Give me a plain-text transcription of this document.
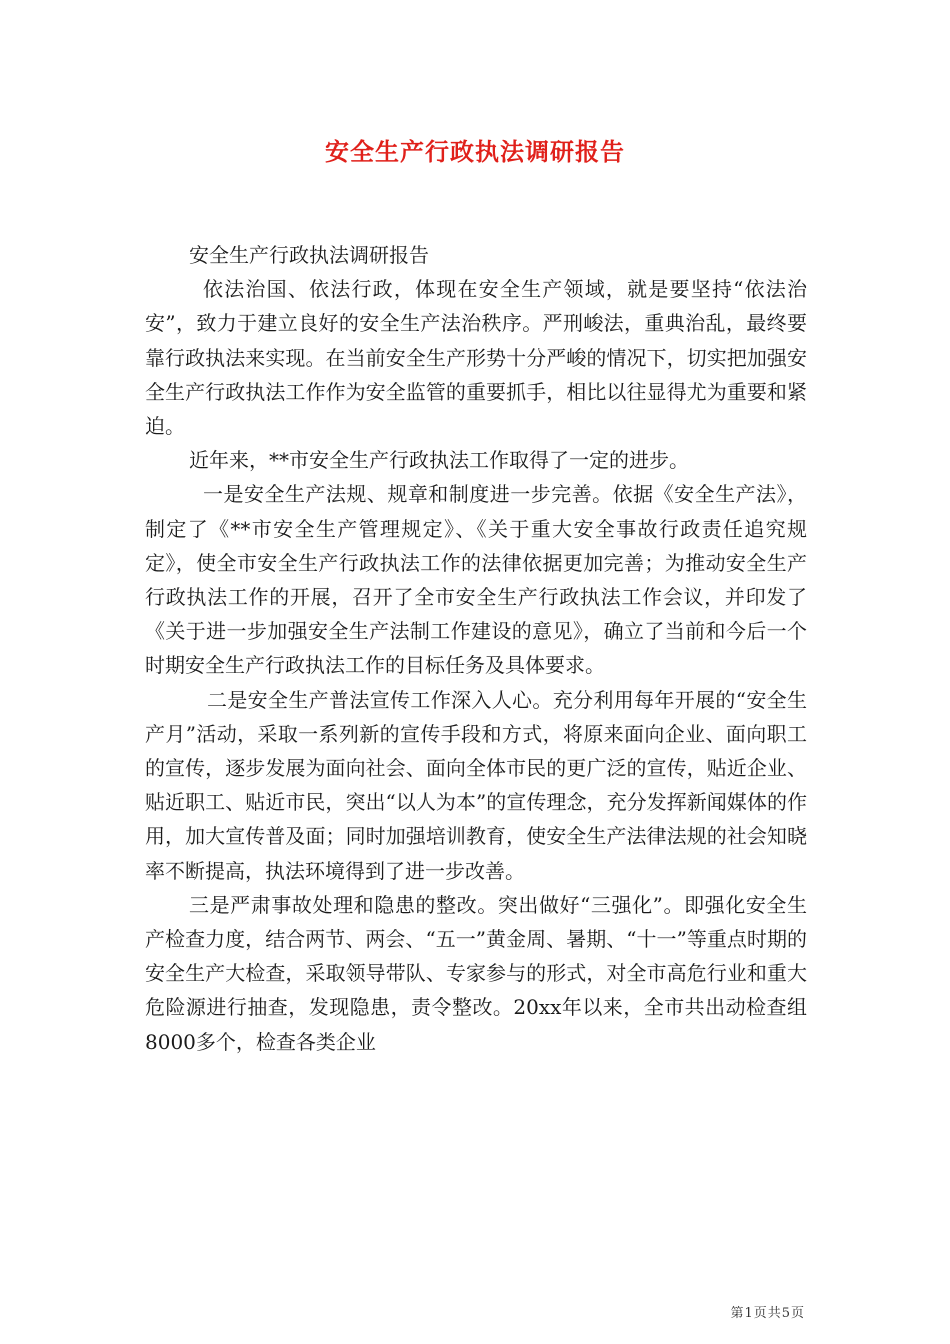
安全生产行政执法调研报告

安全生产行政执法调研报告

依法治国、依法行政，体现在安全生产领域，就是要坚持“依法治安”，致力于建立良好的安全生产法治秩序。严刑峻法，重典治乱，最终要靠行政执法来实现。在当前安全生产形势十分严峻的情况下，切实把加强安全生产行政执法工作作为安全监管的重要抓手，相比以往显得尤为重要和紧迫。

近年来，**市安全生产行政执法工作取得了一定的进步。

一是安全生产法规、规章和制度进一步完善。依据《安全生产法》，制定了《**市安全生产管理规定》、《关于重大安全事故行政责任追究规定》，使全市安全生产行政执法工作的法律依据更加完善；为推动安全生产行政执法工作的开展，召开了全市安全生产行政执法工作会议，并印发了《关于进一步加强安全生产法制工作建设的意见》，确立了当前和今后一个时期安全生产行政执法工作的目标任务及具体要求。

二是安全生产普法宣传工作深入人心。充分利用每年开展的“安全生产月”活动，采取一系列新的宣传手段和方式，将原来面向企业、面向职工的宣传，逐步发展为面向社会、面向全体市民的更广泛的宣传，贴近企业、贴近职工、贴近市民，突出“以人为本”的宣传理念，充分发挥新闻媒体的作用，加大宣传普及面；同时加强培训教育，使安全生产法律法规的社会知晓率不断提高，执法环境得到了进一步改善。

三是严肃事故处理和隐患的整改。突出做好“三强化”。即强化安全生产检查力度，结合两节、两会、“五一”黄金周、暑期、“十一”等重点时期的安全生产大检查，采取领导带队、专家参与的形式，对全市高危行业和重大危险源进行抽查，发现隐患，责令整改。20xx年以来，全市共出动检查组8000多个，检查各类企业

第1页共5页
